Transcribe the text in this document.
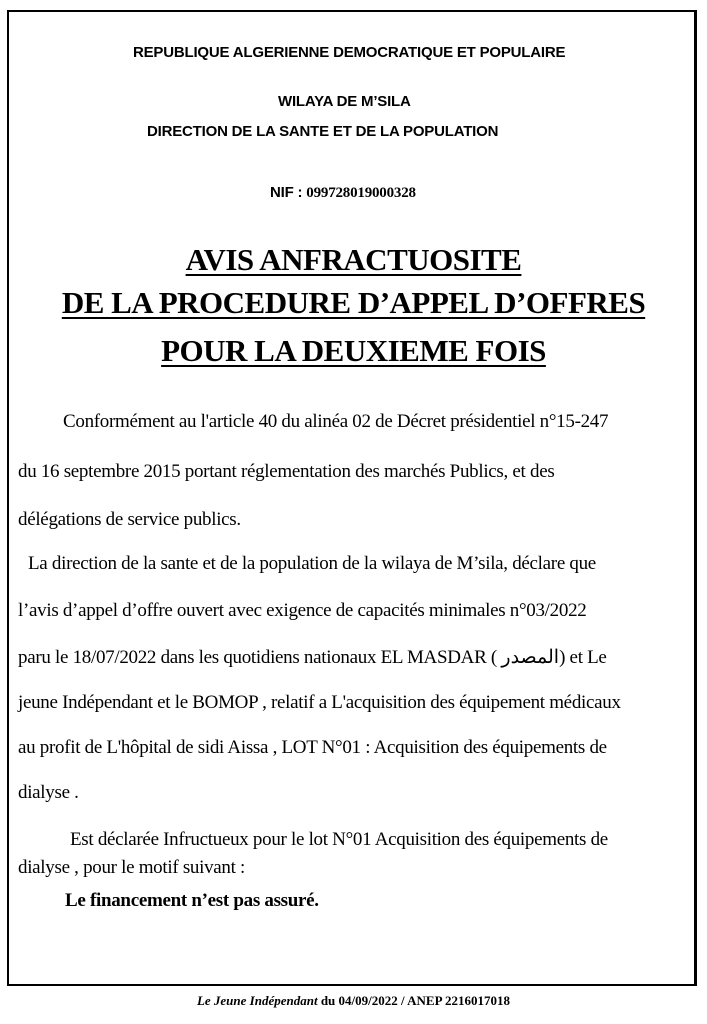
REPUBLIQUE ALGERIENNE DEMOCRATIQUE ET POPULAIRE
WILAYA DE M’SILA
DIRECTION DE LA SANTE ET DE LA POPULATION
NIF : 099728019000328
AVIS ANFRACTUOSITE
DE LA PROCEDURE D’APPEL D’OFFRES
POUR LA DEUXIEME FOIS
Conformément au l'article 40 du alinéa 02 de Décret présidentiel n°15-247
du 16 septembre 2015 portant réglementation des marchés Publics, et des
délégations de service publics.
La direction de la sante et de la population de la wilaya de M’sila, déclare que
l’avis d’appel d’offre ouvert avec exigence de capacités minimales n°03/2022
paru le 18/07/2022 dans les quotidiens nationaux EL MASDAR ( المصدر) et Le
jeune Indépendant et le BOMOP , relatif a L'acquisition des équipement médicaux
au profit de L'hôpital de sidi Aissa , LOT N°01 : Acquisition des équipements de
dialyse .
Est déclarée Infructueux pour le lot N°01 Acquisition des équipements de
dialyse , pour le motif suivant :
Le financement n’est pas assuré.
Le Jeune Indépendant du 04/09/2022 / ANEP 2216017018
